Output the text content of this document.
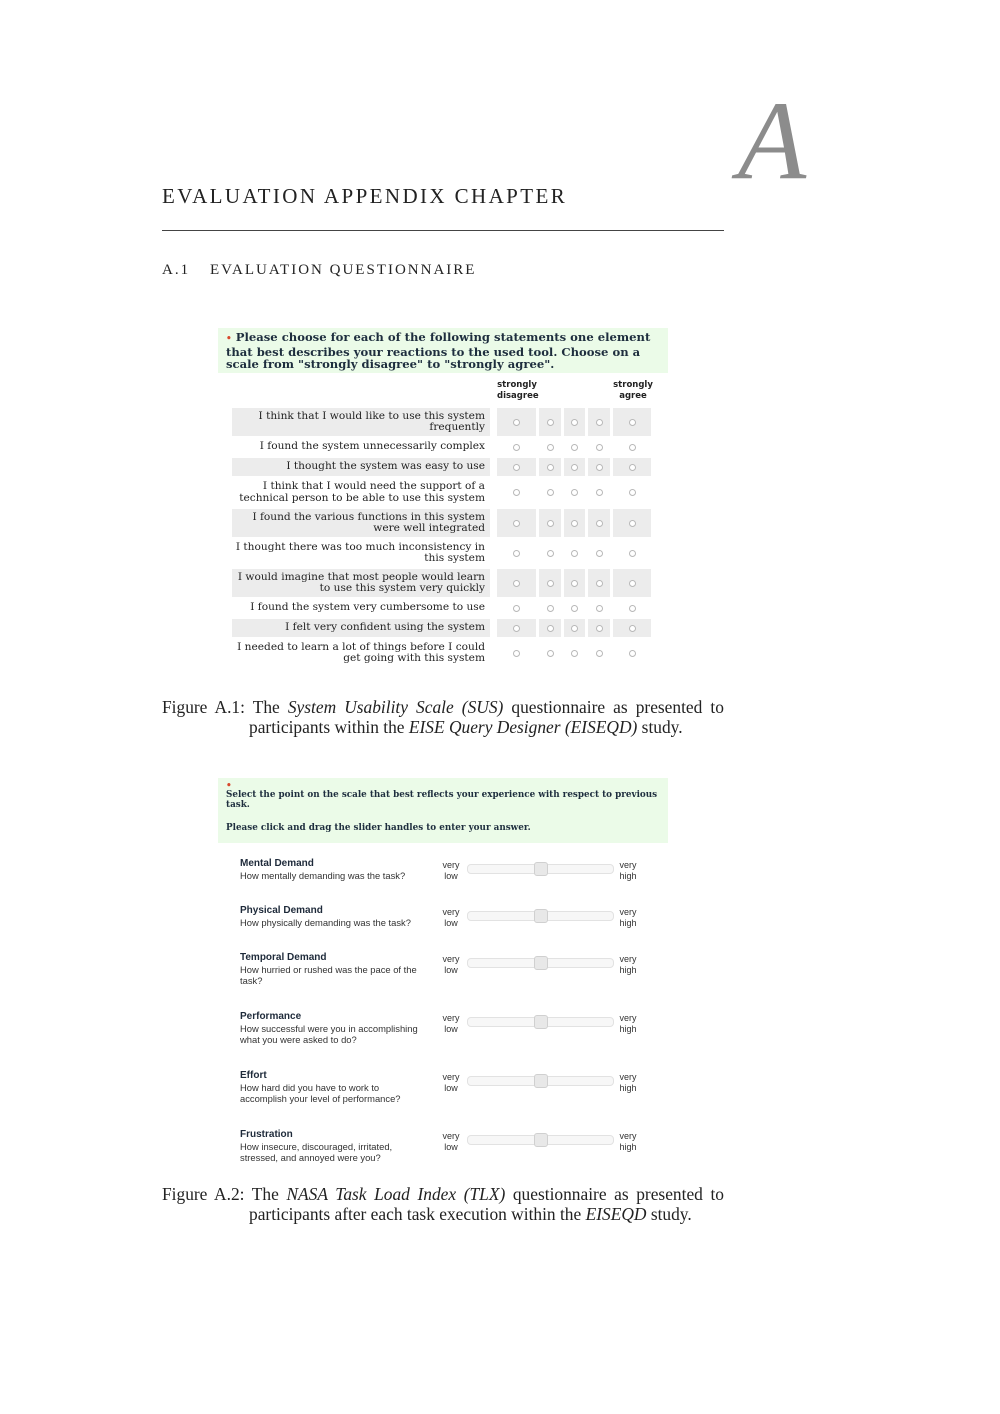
A
EVALUATION APPENDIX CHAPTER
A.1 EVALUATION QUESTIONNAIRE
• Please choose for each of the following statements one element that best describes your reactions to the used tool. Choose on a scale from "strongly disagree" to "strongly agree".
strongly
disagree
strongly
agree
I think that I would like to use this system frequently
I found the system unnecessarily complex
I thought the system was easy to use
I think that I would need the support of a technical person to be able to use this system
I found the various functions in this system were well integrated
I thought there was too much inconsistency in this system
I would imagine that most people would learn to use this system very quickly
I found the system very cumbersome to use
I felt very confident using the system
I needed to learn a lot of things before I could get going with this system
Figure A.1: The System Usability Scale (SUS) questionnaire as presented to
participants within the EISE Query Designer (EISEQD) study.

•

Select the point on the scale that best reflects your experience with respect to previous task.

Please click and drag the slider handles to enter your answer.

Mental Demand
How mentally demanding was the task?
very
low
very
high
Physical Demand
How physically demanding was the task?
very
low
very
high
Temporal Demand
How hurried or rushed was the pace of the task?
very
low
very
high
Performance
How successful were you in accomplishing what you were asked to do?
very
low
very
high
Effort
How hard did you have to work to accomplish your level of performance?
very
low
very
high
Frustration
How insecure, discouraged, irritated, stressed, and annoyed were you?
very
low
very
high
Figure A.2: The NASA Task Load Index (TLX) questionnaire as presented to
participants after each task execution within the EISEQD study.
